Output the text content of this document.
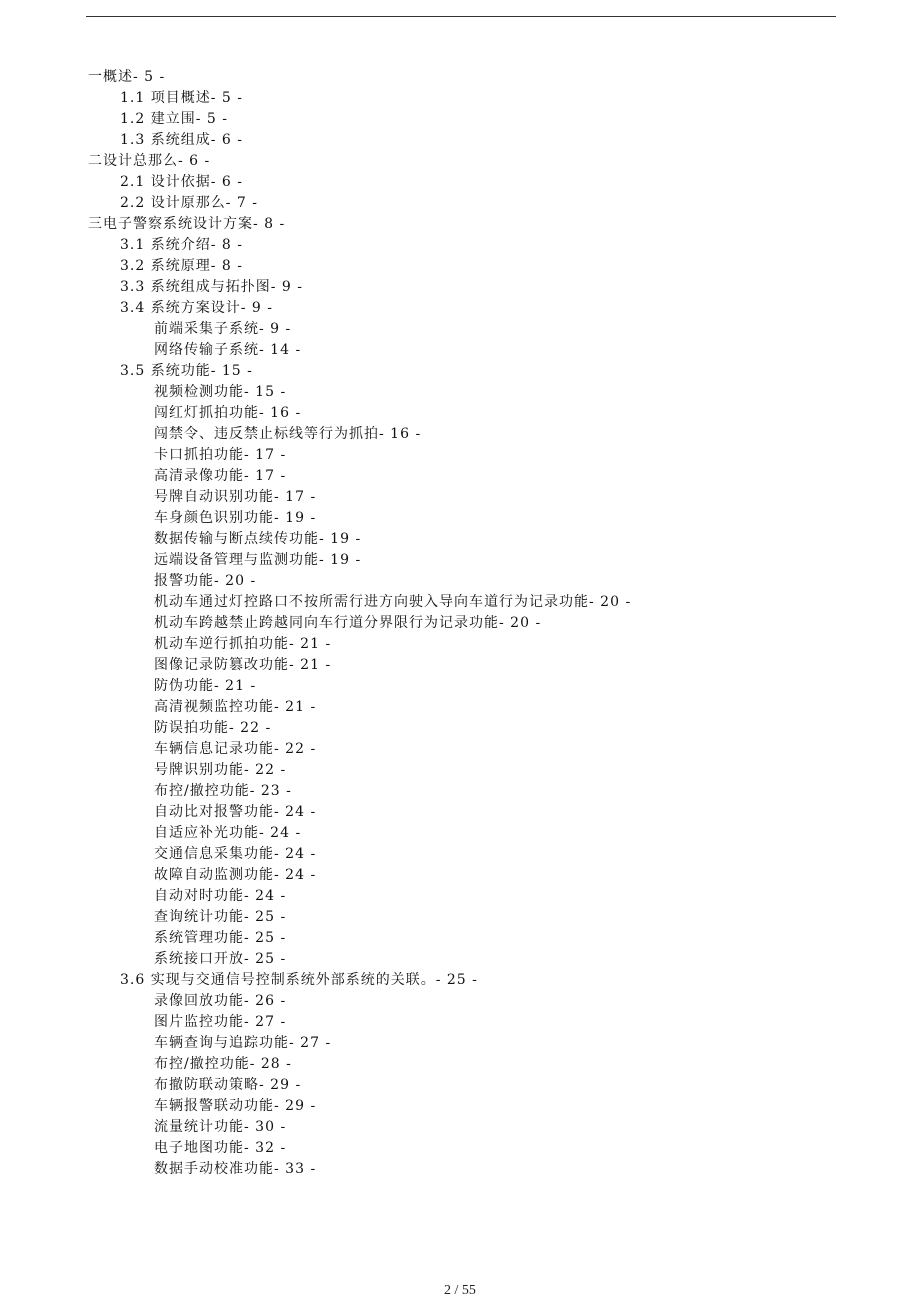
一概述- 5 -
1.1 项目概述- 5 -
1.2 建立围- 5 -
1.3 系统组成- 6 -
二设计总那么- 6 -
2.1 设计依据- 6 -
2.2 设计原那么- 7 -
三电子警察系统设计方案- 8 -
3.1 系统介绍- 8 -
3.2 系统原理- 8 -
3.3 系统组成与拓扑图- 9 -
3.4 系统方案设计- 9 -
前端采集子系统- 9 -
网络传输子系统- 14 -
3.5 系统功能- 15 -
视频检测功能- 15 -
闯红灯抓拍功能- 16 -
闯禁令、违反禁止标线等行为抓拍- 16 -
卡口抓拍功能- 17 -
高清录像功能- 17 -
号牌自动识别功能- 17 -
车身颜色识别功能- 19 -
数据传输与断点续传功能- 19 -
远端设备管理与监测功能- 19 -
报警功能- 20 -
机动车通过灯控路口不按所需行进方向驶入导向车道行为记录功能- 20 -
机动车跨越禁止跨越同向车行道分界限行为记录功能- 20 -
机动车逆行抓拍功能- 21 -
图像记录防篡改功能- 21 -
防伪功能- 21 -
高清视频监控功能- 21 -
防误拍功能- 22 -
车辆信息记录功能- 22 -
号牌识别功能- 22 -
布控/撤控功能- 23 -
自动比对报警功能- 24 -
自适应补光功能- 24 -
交通信息采集功能- 24 -
故障自动监测功能- 24 -
自动对时功能- 24 -
查询统计功能- 25 -
系统管理功能- 25 -
系统接口开放- 25 -
3.6 实现与交通信号控制系统外部系统的关联。- 25 -
录像回放功能- 26 -
图片监控功能- 27 -
车辆查询与追踪功能- 27 -
布控/撤控功能- 28 -
布撤防联动策略- 29 -
车辆报警联动功能- 29 -
流量统计功能- 30 -
电子地图功能- 32 -
数据手动校准功能- 33 -
2 / 55
